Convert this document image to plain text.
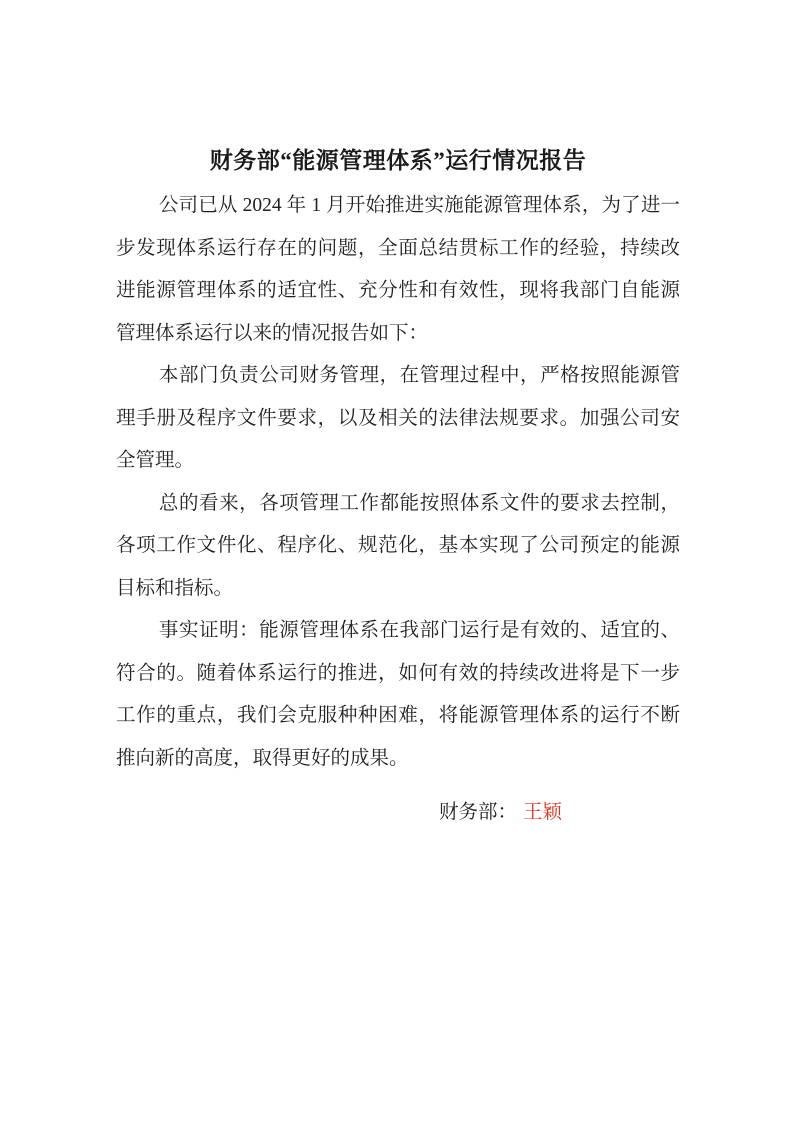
财务部“能源管理体系”运行情况报告

公司已从 2024 年 1 月开始推进实施能源管理体系，为了进一步发现体系运行存在的问题，全面总结贯标工作的经验，持续改进能源管理体系的适宜性、充分性和有效性，现将我部门自能源管理体系运行以来的情况报告如下：

本部门负责公司财务管理，在管理过程中，严格按照能源管理手册及程序文件要求，以及相关的法律法规要求。加强公司安全管理。

总的看来，各项管理工作都能按照体系文件的要求去控制，各项工作文件化、程序化、规范化，基本实现了公司预定的能源目标和指标。

事实证明：能源管理体系在我部门运行是有效的、适宜的、符合的。随着体系运行的推进，如何有效的持续改进将是下一步工作的重点，我们会克服种种困难，将能源管理体系的运行不断推向新的高度，取得更好的成果。

财务部： 王颖
